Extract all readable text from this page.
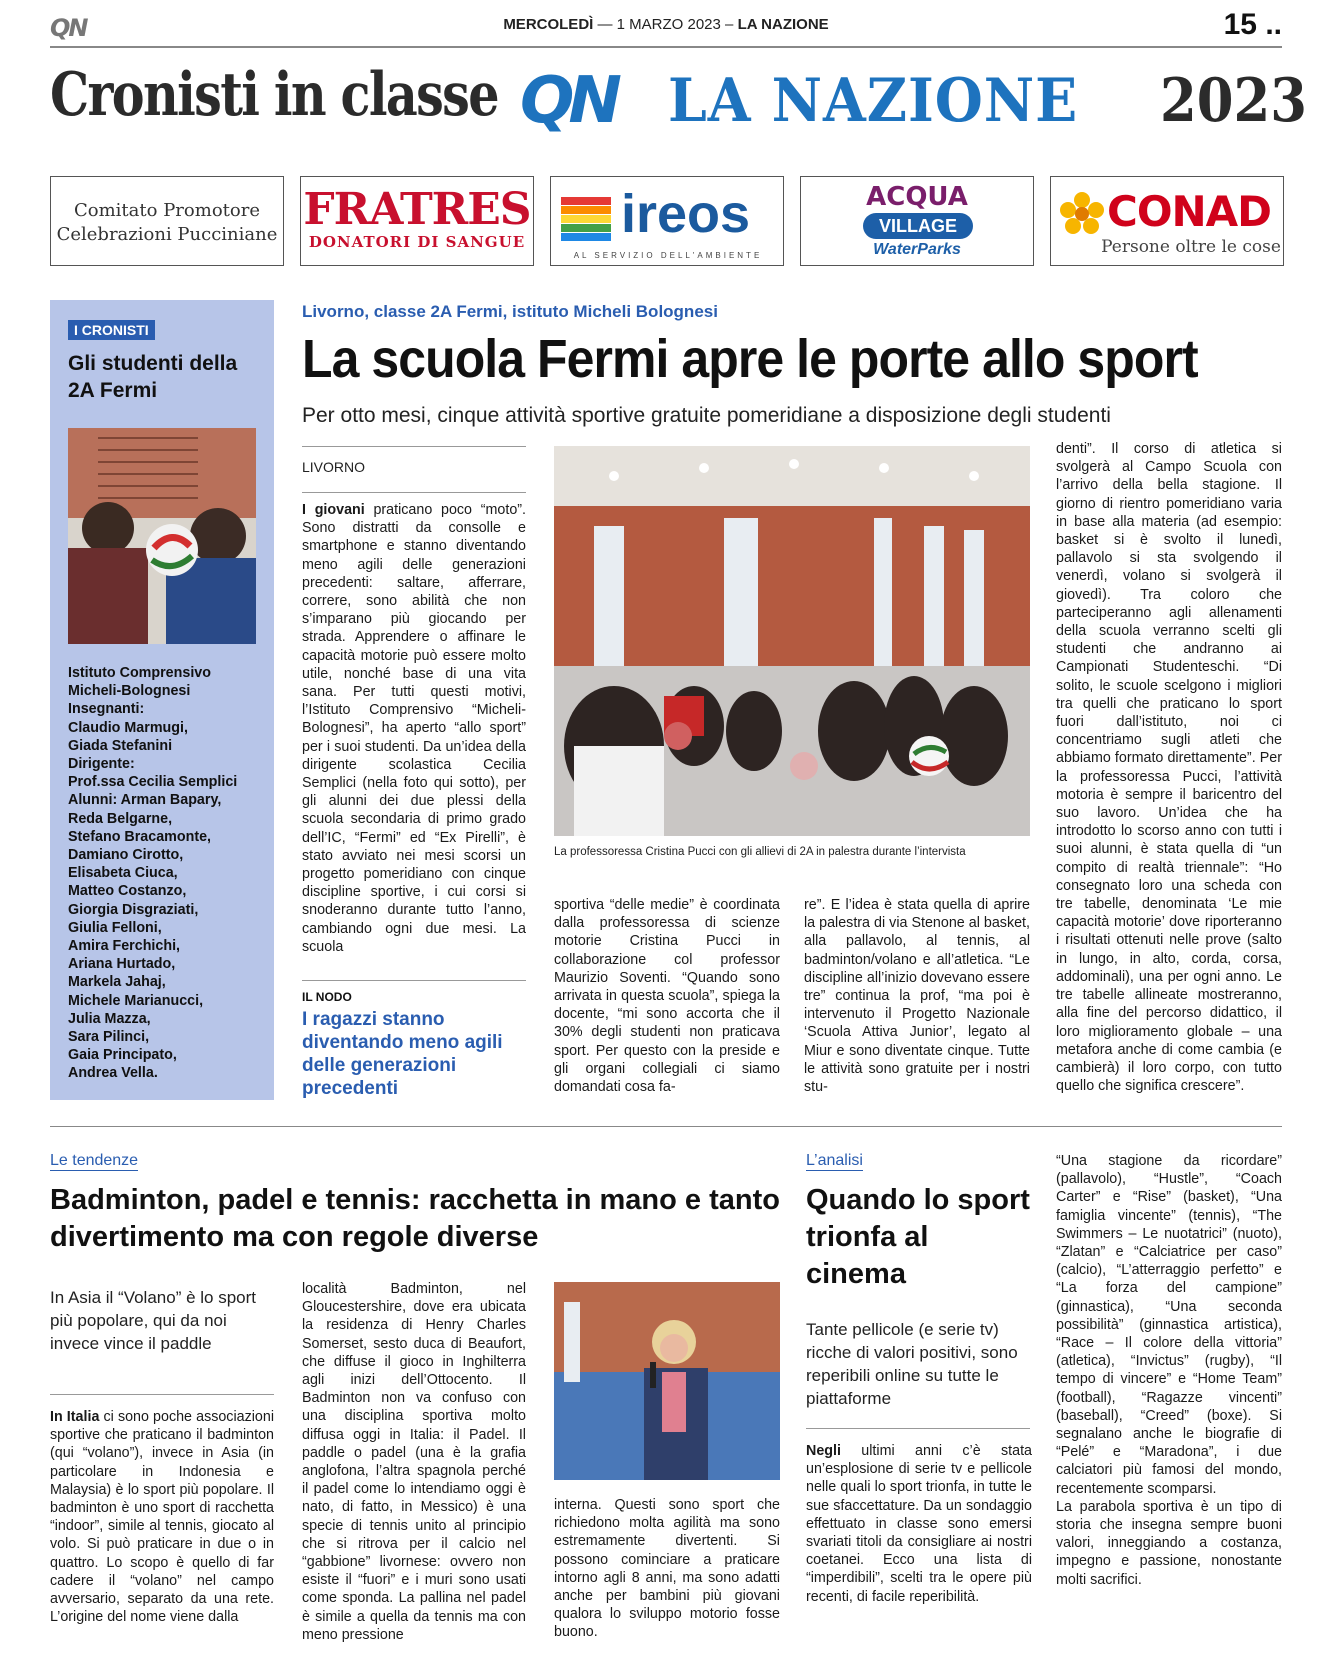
QN	MERCOLEDÌ — 1 MARZO 2023 – LA NAZIONE	15 ..
Cronisti in classe QN LA NAZIONE 2023
Comitato Promotore
Celebrazioni Pucciniane FRATRES
DONATORI DI SANGUE ireos
AL SERVIZIO DELL'AMBIENTE
ACQUA
VILLAGE
WaterParks
CONAD
Persone oltre le cose
I CRONISTI
Gli studenti della 2A Fermi
Istituto Comprensivo
Micheli-Bolognesi
Insegnanti:
Claudio Marmugi,
Giada Stefanini
Dirigente:
Prof.ssa Cecilia Semplici
Alunni: Arman Bapary,
Reda Belgarne,
Stefano Bracamonte,
Damiano Cirotto,
Elisabeta Ciuca,
Matteo Costanzo,
Giorgia Disgraziati,
Giulia Felloni,
Amira Ferchichi,
Ariana Hurtado,
Markela Jahaj,
Michele Marianucci,
Julia Mazza,
Sara Pilinci,
Gaia Principato,
Andrea Vella.
Livorno, classe 2A Fermi, istituto Micheli Bolognesi
La scuola Fermi apre le porte allo sport
Per otto mesi, cinque attività sportive gratuite pomeridiane a disposizione degli studenti
LIVORNO
I giovani praticano poco “moto”. Sono distratti da consolle e smartphone e stanno diventando meno agili delle generazioni precedenti: saltare, afferrare, correre, sono abilità che non s’imparano più giocando per strada. Apprendere o affinare le capacità motorie può essere molto utile, nonché base di una vita sana. Per tutti questi motivi, l’Istituto Comprensivo “Micheli-Bolognesi”, ha aperto “allo sport” per i suoi studenti. Da un’idea della dirigente scolastica Cecilia Semplici (nella foto qui sotto), per gli alunni dei due plessi della scuola secondaria di primo grado dell’IC, “Fermi” ed “Ex Pirelli”, è stato avviato nei mesi scorsi un progetto pomeridiano con cinque discipline sportive, i cui corsi si snoderanno durante tutto l’anno, cambiando ogni due mesi. La scuola
IL NODO
I ragazzi stanno diventando meno agili delle generazioni precedenti
La professoressa Cristina Pucci con gli allievi di 2A in palestra durante l’intervista
sportiva “delle medie” è coordinata dalla professoressa di scienze motorie Cristina Pucci in collaborazione col professor Maurizio Soventi. “Quando sono arrivata in questa scuola”, spiega la docente, “mi sono accorta che il 30% degli studenti non praticava sport. Per questo con la preside e gli organi collegiali ci siamo domandati cosa fa-
re”. E l’idea è stata quella di aprire la palestra di via Stenone al basket, alla pallavolo, al tennis, al badminton/volano e all’atletica. “Le discipline all’inizio dovevano essere tre” continua la prof, “ma poi è intervenuto il Progetto Nazionale ‘Scuola Attiva Junior’, legato al Miur e sono diventate cinque. Tutte le attività sono gratuite per i nostri stu-
denti”. Il corso di atletica si svolgerà al Campo Scuola con l’arrivo della bella stagione. Il giorno di rientro pomeridiano varia in base alla materia (ad esempio: basket si è svolto il lunedì, pallavolo si sta svolgendo il venerdì, volano si svolgerà il giovedì). Tra coloro che parteciperanno agli allenamenti della scuola verranno scelti gli studenti che andranno ai Campionati Studenteschi. “Di solito, le scuole scelgono i migliori tra quelli che praticano lo sport fuori dall’istituto, noi ci concentriamo sugli atleti che abbiamo formato direttamente”. Per la professoressa Pucci, l’attività motoria è sempre il baricentro del suo lavoro. Un’idea che ha introdotto lo scorso anno con tutti i suoi alunni, è stata quella di “un compito di realtà triennale”: “Ho consegnato loro una scheda con tre tabelle, denominata ‘Le mie capacità motorie’ dove riporteranno i risultati ottenuti nelle prove (salto in lungo, in alto, corda, corsa, addominali), una per ogni anno. Le tre tabelle allineate mostreranno, alla fine del percorso didattico, il loro miglioramento globale – una metafora anche di come cambia (e cambierà) il loro corpo, con tutto quello che significa crescere”.
Le tendenze
Badminton, padel e tennis: racchetta in mano e tanto divertimento ma con regole diverse
In Asia il “Volano” è lo sport più popolare, qui da noi invece vince il paddle
In Italia ci sono poche associazioni sportive che praticano il badminton (qui “volano”), invece in Asia (in particolare in Indonesia e Malaysia) è lo sport più popolare. Il badminton è uno sport di racchetta “indoor”, simile al tennis, giocato al volo. Si può praticare in due o in quattro. Lo scopo è quello di far cadere il “volano” nel campo avversario, separato da una rete. L’origine del nome viene dalla
località Badminton, nel Gloucestershire, dove era ubicata la residenza di Henry Charles Somerset, sesto duca di Beaufort, che diffuse il gioco in Inghilterra agli inizi dell’Ottocento. Il Badminton non va confuso con una disciplina sportiva molto diffusa oggi in Italia: il Padel. Il paddle o padel (una è la grafia anglofona, l’altra spagnola perché il padel come lo intendiamo oggi è nato, di fatto, in Messico) è una specie di tennis unito al principio che si ritrova per il calcio nel “gabbione” livornese: ovvero non esiste il “fuori” e i muri sono usati come sponda. La pallina nel padel è simile a quella da tennis ma con meno pressione
interna. Questi sono sport che richiedono molta agilità ma sono estremamente divertenti. Si possono cominciare a praticare intorno agli 8 anni, ma sono adatti anche per bambini più giovani qualora lo sviluppo motorio fosse buono.
L’analisi
Quando lo sport trionfa al cinema
Tante pellicole (e serie tv) ricche di valori positivi, sono reperibili online su tutte le piattaforme
Negli ultimi anni c’è stata un’esplosione di serie tv e pellicole nelle quali lo sport trionfa, in tutte le sue sfaccettature. Da un sondaggio effettuato in classe sono emersi svariati titoli da consigliare ai nostri coetanei. Ecco una lista di “imperdibili”, scelti tra le opere più recenti, di facile reperibilità.
“Una stagione da ricordare” (pallavolo), “Hustle”, “Coach Carter” e “Rise” (basket), “Una famiglia vincente” (tennis), “The Swimmers – Le nuotatrici” (nuoto), “Zlatan” e “Calciatrice per caso” (calcio), “L’atterraggio perfetto” e “La forza del campione” (ginnastica), “Una seconda possibilità” (ginnastica artistica), “Race – Il colore della vittoria” (atletica), “Invictus” (rugby), “Il tempo di vincere” e “Home Team” (football), “Ragazze vincenti” (baseball), “Creed” (boxe). Si segnalano anche le biografie di “Pelé” e “Maradona”, i due calciatori più famosi del mondo, recentemente scomparsi.
La parabola sportiva è un tipo di storia che insegna sempre buoni valori, inneggiando a costanza, impegno e passione, nonostante molti sacrifici.
